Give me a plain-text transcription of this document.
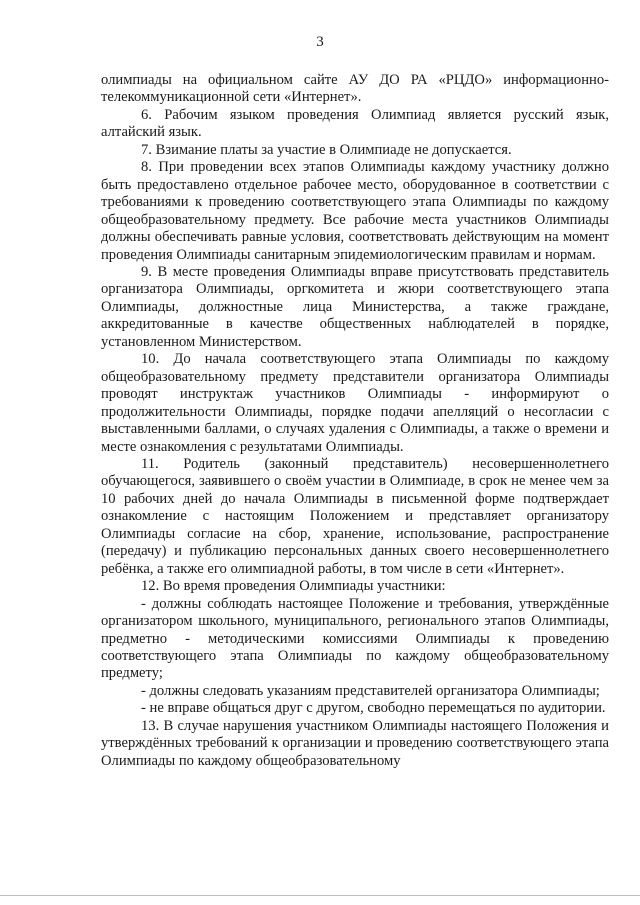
3

олимпиады на официальном сайте АУ ДО РА «РЦДО» информационно-телекоммуникационной сети «Интернет».

6. Рабочим языком проведения Олимпиад является русский язык, алтайский язык.

7. Взимание платы за участие в Олимпиаде не допускается.

8. При проведении всех этапов Олимпиады каждому участнику должно быть предоставлено отдельное рабочее место, оборудованное в соответствии с требованиями к проведению соответствующего этапа Олимпиады по каждому общеобразовательному предмету. Все рабочие места участников Олимпиады должны обеспечивать равные условия, соответствовать действующим на момент проведения Олимпиады санитарным эпидемиологическим правилам и нормам.

9. В месте проведения Олимпиады вправе присутствовать представитель организатора Олимпиады, оргкомитета и жюри соответствующего этапа Олимпиады, должностные лица Министерства, а также граждане, аккредитованные в качестве общественных наблюдателей в порядке, установленном Министерством.

10. До начала соответствующего этапа Олимпиады по каждому общеобразовательному предмету представители организатора Олимпиады проводят инструктаж участников Олимпиады - информируют о продолжительности Олимпиады, порядке подачи апелляций о несогласии с выставленными баллами, о случаях удаления с Олимпиады, а также о времени и месте ознакомления с результатами Олимпиады.

11. Родитель (законный представитель) несовершеннолетнего обучающегося, заявившего о своём участии в Олимпиаде, в срок не менее чем за 10 рабочих дней до начала Олимпиады в письменной форме подтверждает ознакомление с настоящим Положением и представляет организатору Олимпиады согласие на сбор, хранение, использование, распространение (передачу) и публикацию персональных данных своего несовершеннолетнего ребёнка, а также его олимпиадной работы, в том числе в сети «Интернет».

12. Во время проведения Олимпиады участники:

- должны соблюдать настоящее Положение и требования, утверждённые организатором школьного, муниципального, регионального этапов Олимпиады, предметно - методическими комиссиями Олимпиады к проведению соответствующего этапа Олимпиады по каждому общеобразовательному предмету;

- должны следовать указаниям представителей организатора Олимпиады;

- не вправе общаться друг с другом, свободно перемещаться по аудитории.

13. В случае нарушения участником Олимпиады настоящего Положения и утверждённых требований к организации и проведению соответствующего этапа Олимпиады по каждому общеобразовательному
